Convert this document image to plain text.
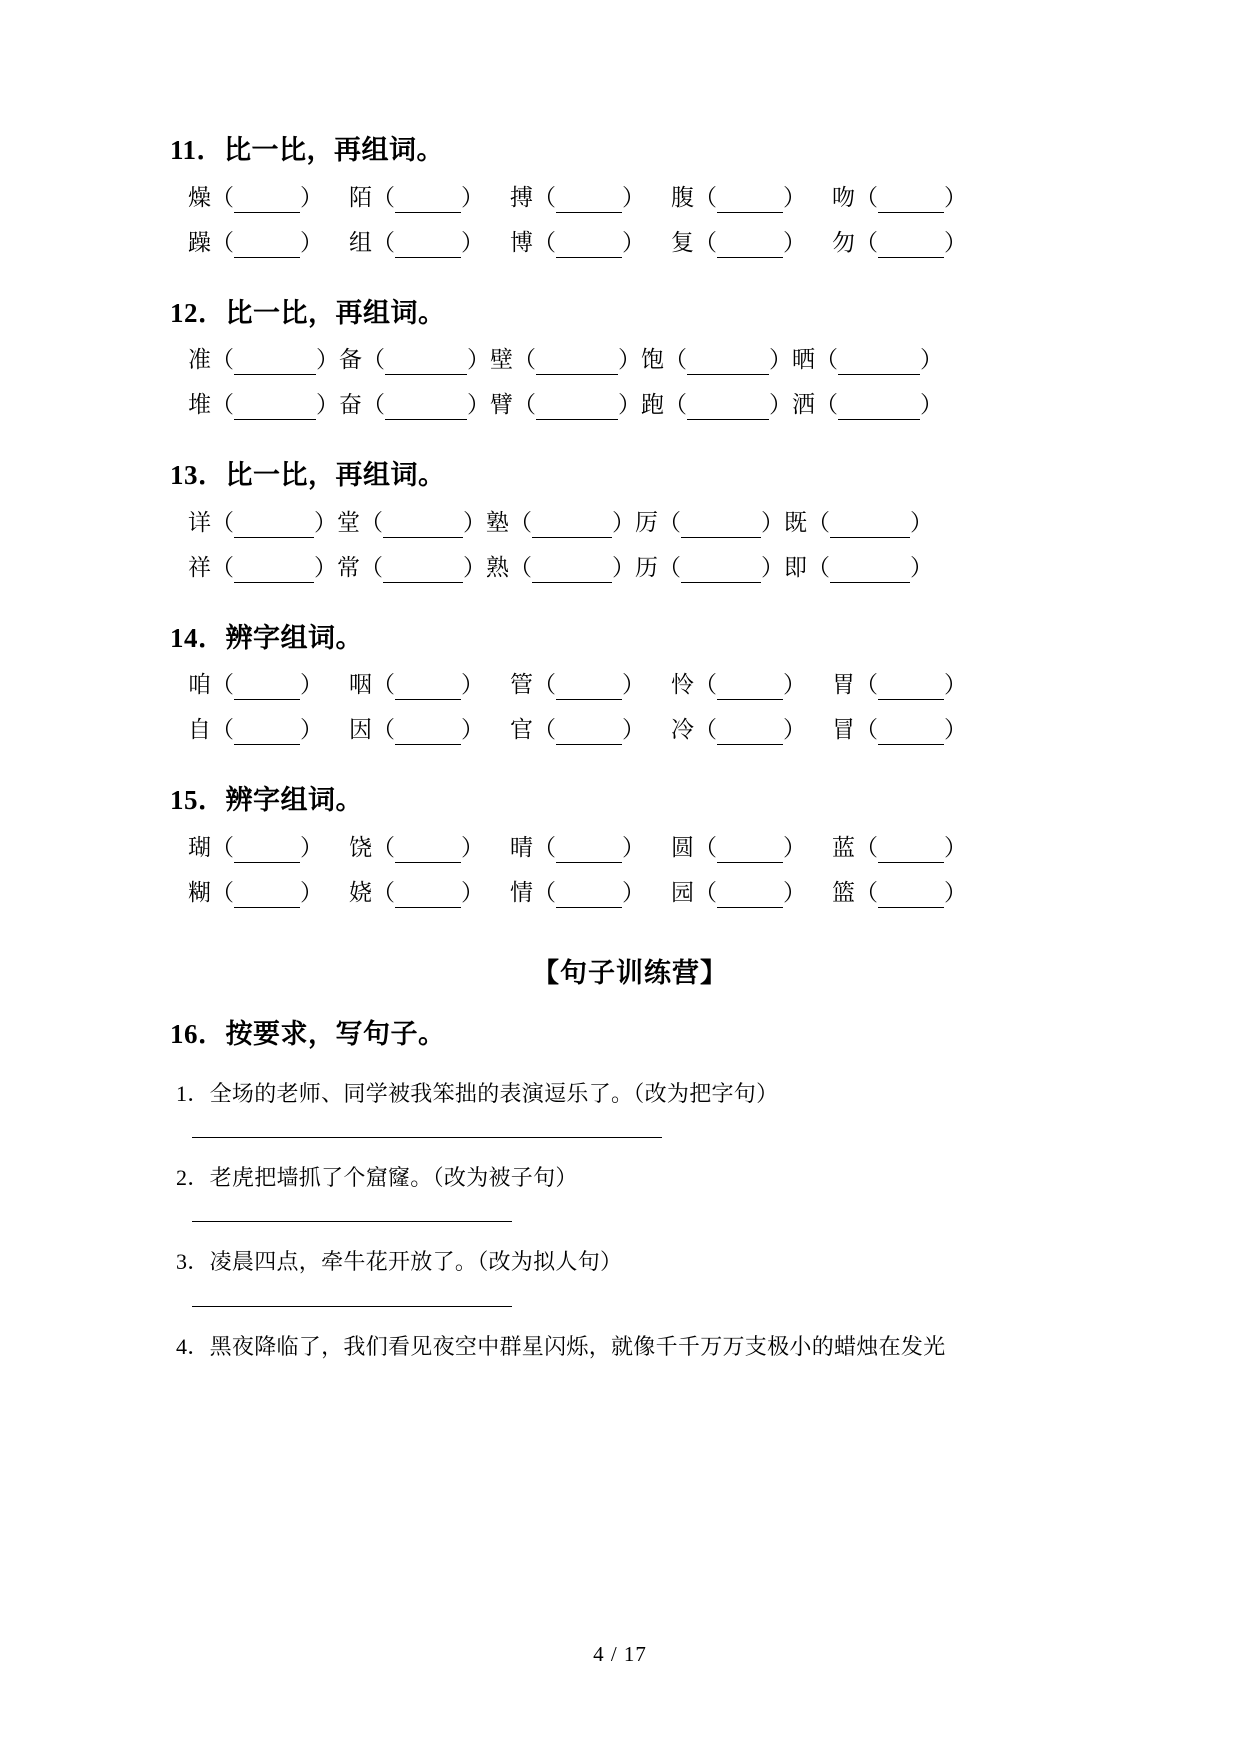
11．比一比，再组词。
燥（	） 陌（	） 搏（	） 腹（	） 吻（	）
躁（	） 组（	） 博（	） 复（	） 勿（	）
12．比一比，再组词。
准（	）备（	）壁（	）饱（	）晒（	）
堆（	）奋（	）臂（	）跑（	）洒（	）
13．比一比，再组词。
详（	）堂（	）塾（	）厉（	）既（	）
祥（	）常（	）熟（	）历（	）即（	）
14．辨字组词。
咱（	） 咽（	） 管（	） 怜（	） 胃（	）
自（	） 因（	） 官（	） 冷（	） 冒（	）
15．辨字组词。
瑚（	） 饶（	） 晴（	） 圆（	） 蓝（	）
糊（	） 娆（	） 情（	） 园（	） 篮（	）
【句子训练营】
16．按要求，写句子。
1．全场的老师、同学被我笨拙的表演逗乐了。（改为把字句）
2．老虎把墙抓了个窟窿。（改为被子句）
3．凌晨四点，牵牛花开放了。（改为拟人句）
4．黑夜降临了，我们看见夜空中群星闪烁，就像千千万万支极小的蜡烛在发光
4 / 17
